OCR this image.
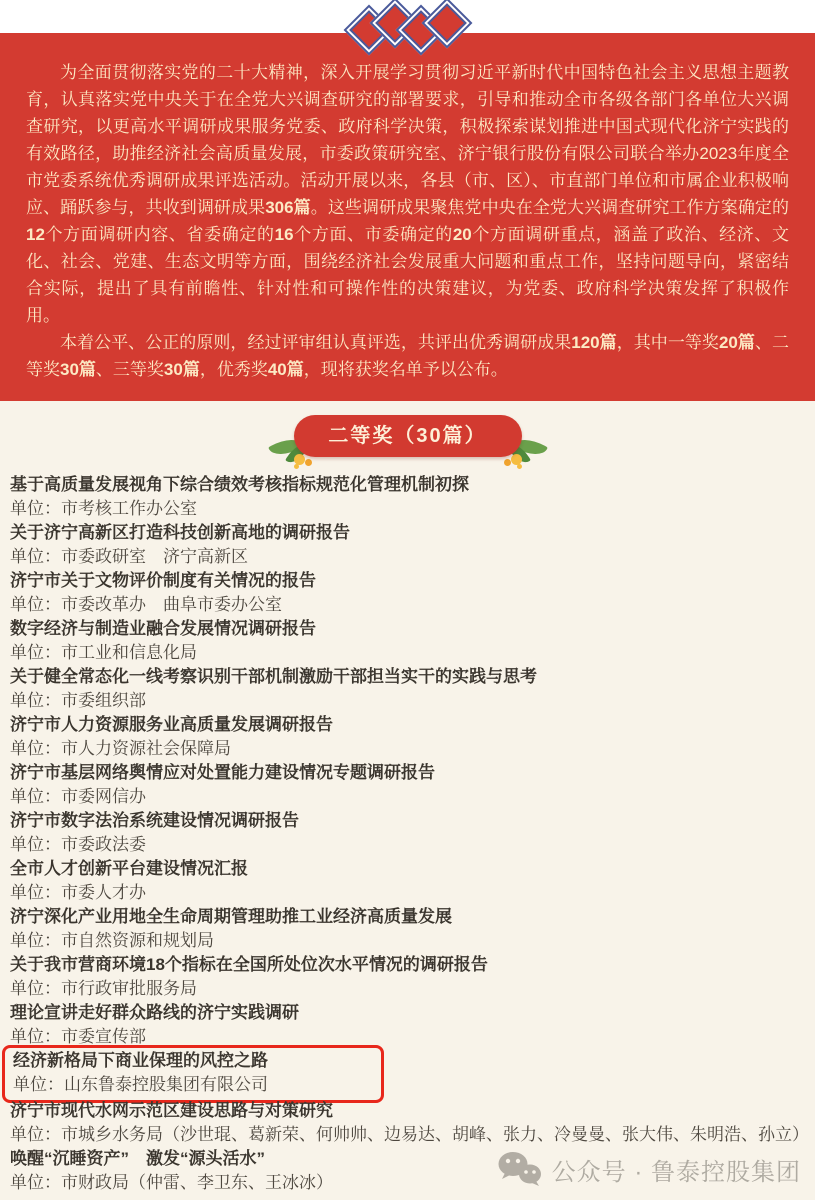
为全面贯彻落实党的二十大精神，深入开展学习贯彻习近平新时代中国特色社会主义思想主题教育，认真落实党中央关于在全党大兴调查研究的部署要求，引导和推动全市各级各部门各单位大兴调查研究，以更高水平调研成果服务党委、政府科学决策，积极探索谋划推进中国式现代化济宁实践的有效路径，助推经济社会高质量发展，市委政策研究室、济宁银行股份有限公司联合举办2023年度全市党委系统优秀调研成果评选活动。活动开展以来，各县（市、区）、市直部门单位和市属企业积极响应、踊跃参与，共收到调研成果306篇。这些调研成果聚焦党中央在全党大兴调查研究工作方案确定的12个方面调研内容、省委确定的16个方面、市委确定的20个方面调研重点，涵盖了政治、经济、文化、社会、党建、生态文明等方面，围绕经济社会发展重大问题和重点工作，坚持问题导向，紧密结合实际，提出了具有前瞻性、针对性和可操作性的决策建议，为党委、政府科学决策发挥了积极作用。

本着公平、公正的原则，经过评审组认真评选，共评出优秀调研成果120篇，其中一等奖20篇、二等奖30篇、三等奖30篇，优秀奖40篇，现将获奖名单予以公布。

二等奖（30篇）
基于高质量发展视角下综合绩效考核指标规范化管理机制初探
单位：市考核工作办公室
关于济宁高新区打造科技创新高地的调研报告
单位：市委政研室　济宁高新区
济宁市关于文物评价制度有关情况的报告
单位：市委改革办　曲阜市委办公室
数字经济与制造业融合发展情况调研报告
单位：市工业和信息化局
关于健全常态化一线考察识别干部机制激励干部担当实干的实践与思考
单位：市委组织部
济宁市人力资源服务业高质量发展调研报告
单位：市人力资源社会保障局
济宁市基层网络舆情应对处置能力建设情况专题调研报告
单位：市委网信办
济宁市数字法治系统建设情况调研报告
单位：市委政法委
全市人才创新平台建设情况汇报
单位：市委人才办
济宁深化产业用地全生命周期管理助推工业经济高质量发展
单位：市自然资源和规划局
关于我市营商环境18个指标在全国所处位次水平情况的调研报告
单位：市行政审批服务局
理论宣讲走好群众路线的济宁实践调研
单位：市委宣传部
经济新格局下商业保理的风控之路
单位：山东鲁泰控股集团有限公司
济宁市现代水网示范区建设思路与对策研究
单位：市城乡水务局（沙世琨、葛新荣、何帅帅、边易达、胡峰、张力、冷曼曼、张大伟、朱明浩、孙立）
唤醒“沉睡资产”　激发“源头活水”
单位：市财政局（仲雷、李卫东、王冰冰）	公众号 · 鲁泰控股集团
